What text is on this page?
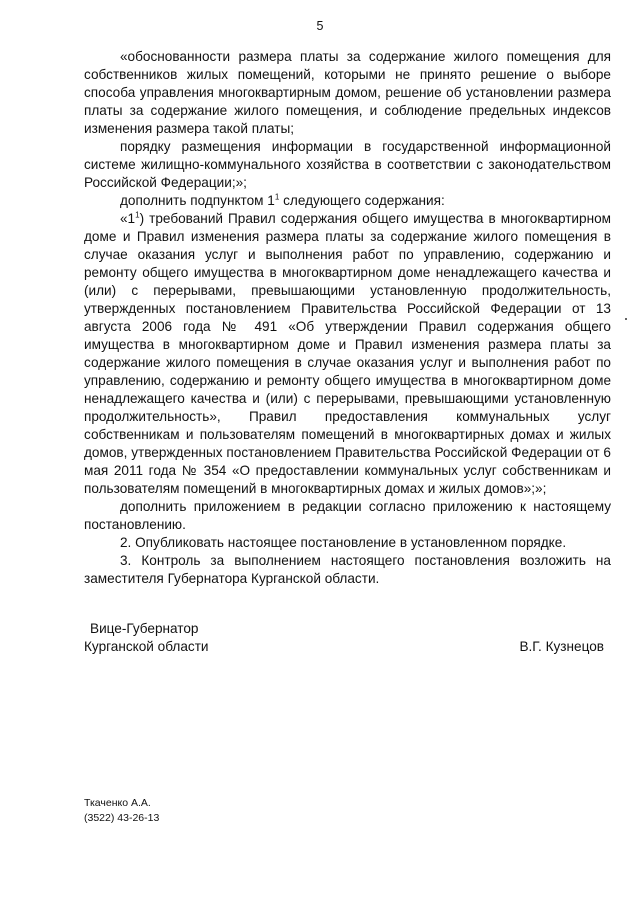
5

«обоснованности размера платы за содержание жилого помещения для собственников жилых помещений, которыми не принято решение о выборе способа управления многоквартирным домом, решение об установлении размера платы за содержание жилого помещения, и соблюдение предельных индексов изменения размера такой платы;

порядку размещения информации в государственной информационной системе жилищно-коммунального хозяйства в соответствии с законодательством Российской Федерации;»;

дополнить подпунктом $1^1$ следующего содержания:

«$1^1$) требований Правил содержания общего имущества в многоквартирном доме и Правил изменения размера платы за содержание жилого помещения в случае оказания услуг и выполнения работ по управлению, содержанию и ремонту общего имущества в многоквартирном доме ненадлежащего качества и (или) с перерывами, превышающими установленную продолжительность, утвержденных постановлением Правительства Российской Федерации от 13 августа 2006 года № 491 «Об утверждении Правил содержания общего имущества в многоквартирном доме и Правил изменения размера платы за содержание жилого помещения в случае оказания услуг и выполнения работ по управлению, содержанию и ремонту общего имущества в многоквартирном доме ненадлежащего качества и (или) с перерывами, превышающими установленную продолжительность», Правил предоставления коммунальных услуг собственникам и пользователям помещений в многоквартирных домах и жилых домов, утвержденных постановлением Правительства Российской Федерации от 6 мая 2011 года № 354 «О предоставлении коммунальных услуг собственникам и пользователям помещений в многоквартирных домах и жилых домов»;»;

дополнить приложением в редакции согласно приложению к настоящему постановлению.

2. Опубликовать настоящее постановление в установленном порядке.

3. Контроль за выполнением настоящего постановления возложить на заместителя Губернатора Курганской области.

Вице-Губернатор
Курганской области	В.Г. Кузнецов
Ткаченко А.А.
(3522) 43-26-13
